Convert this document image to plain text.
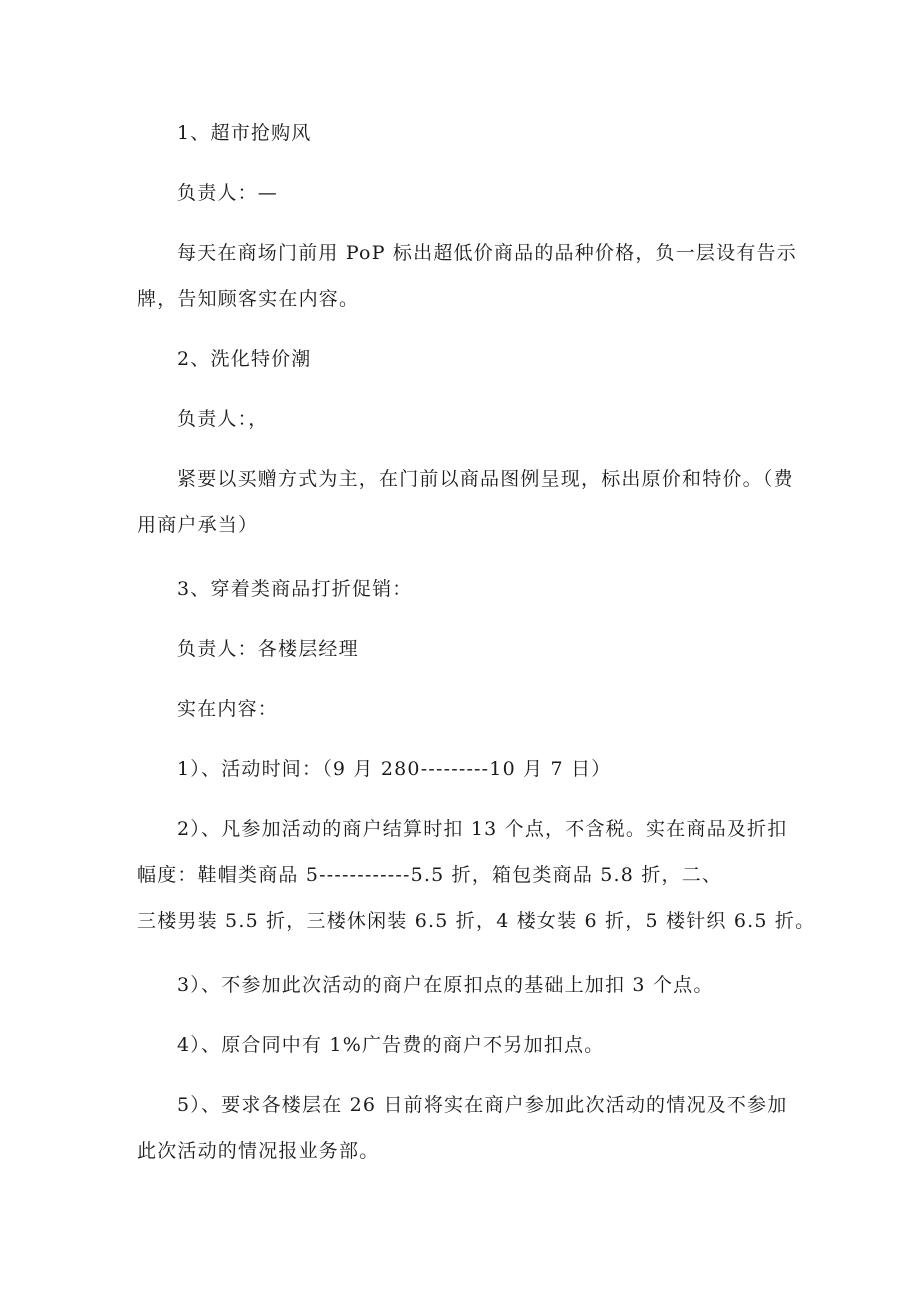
1、超市抢购风
负责人：—
每天在商场门前用 PoP 标出超低价商品的品种价格，负一层设有告示
牌，告知顾客实在内容。
2、洗化特价潮
负责人：，
紧要以买赠方式为主，在门前以商品图例呈现，标出原价和特价。（费
用商户承当）
3、穿着类商品打折促销：
负责人：各楼层经理
实在内容：
1）、活动时间：（9 月 280---------10 月 7 日）
2）、凡参加活动的商户结算时扣 13 个点，不含税。实在商品及折扣
幅度：鞋帽类商品 5------------5.5 折，箱包类商品 5.8 折，二、
三楼男装 5.5 折，三楼休闲装 6.5 折，4 楼女装 6 折，5 楼针织 6.5 折。
3）、不参加此次活动的商户在原扣点的基础上加扣 3 个点。
4）、原合同中有 1%广告费的商户不另加扣点。
5）、要求各楼层在 26 日前将实在商户参加此次活动的情况及不参加
此次活动的情况报业务部。
